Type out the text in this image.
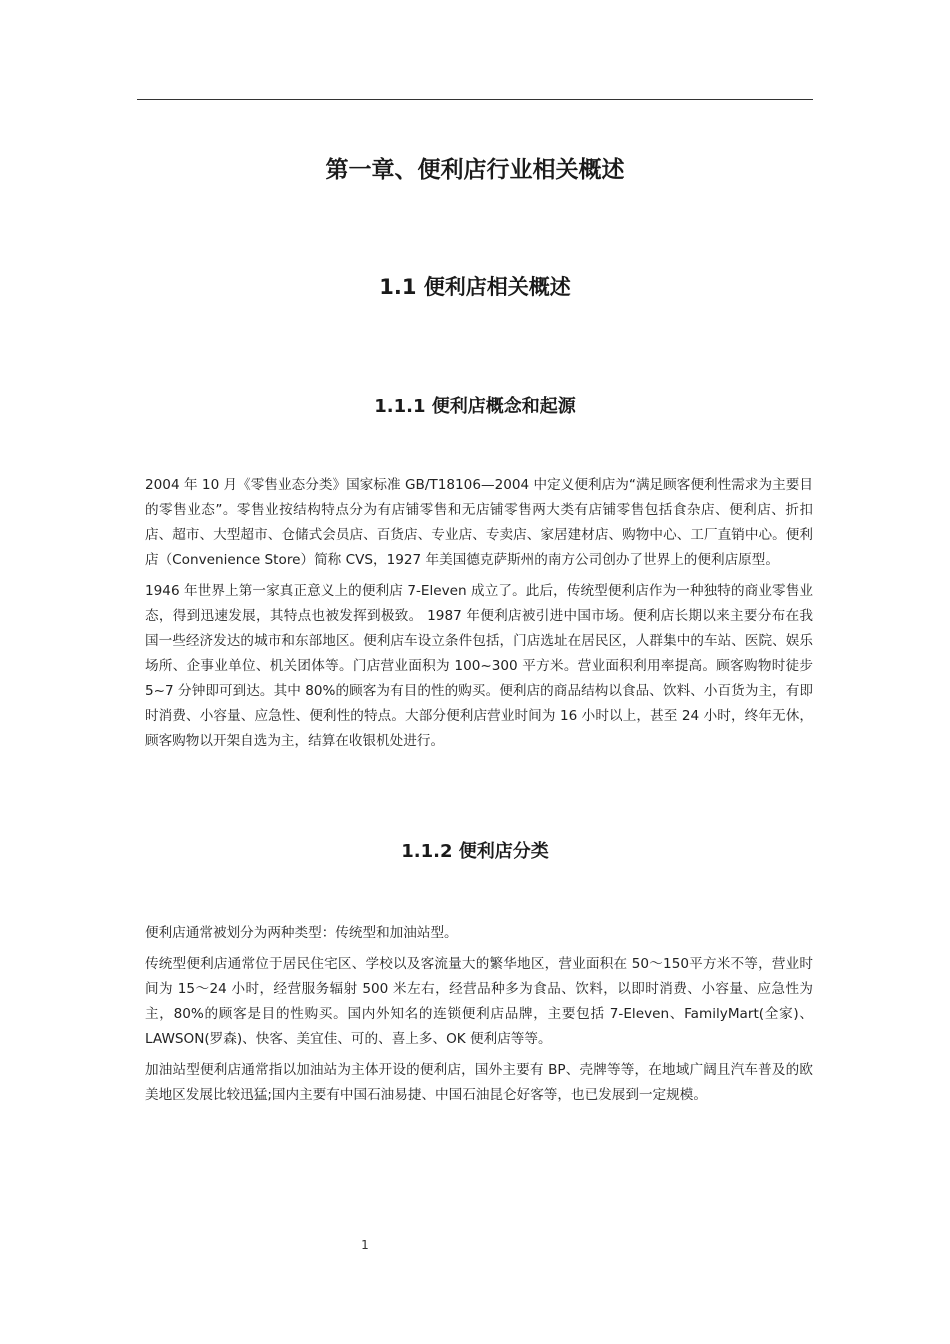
第一章、便利店行业相关概述
1.1 便利店相关概述
1.1.1 便利店概念和起源

2004 年 10 月《零售业态分类》国家标准 GB/T18106—2004 中定义便利店为“满足顾客便利性需求为主要目的零售业态”。零售业按结构特点分为有店铺零售和无店铺零售两大类有店铺零售包括食杂店、便利店、折扣店、超市、大型超市、仓储式会员店、百货店、专业店、专卖店、家居建材店、购物中心、工厂直销中心。便利店（Convenience Store）简称 CVS，1927 年美国德克萨斯州的南方公司创办了世界上的便利店原型。

1946 年世界上第一家真正意义上的便利店 7-Eleven 成立了。此后，传统型便利店作为一种独特的商业零售业态，得到迅速发展，其特点也被发挥到极致。 1987 年便利店被引进中国市场。便利店长期以来主要分布在我国一些经济发达的城市和东部地区。便利店车设立条件包括，门店选址在居民区，人群集中的车站、医院、娱乐场所、企事业单位、机关团体等。门店营业面积为 100~300 平方米。营业面积利用率提高。顾客购物时徒步 5~7 分钟即可到达。其中 80%的顾客为有目的性的购买。便利店的商品结构以食品、饮料、小百货为主，有即时消费、小容量、应急性、便利性的特点。大部分便利店营业时间为 16 小时以上，甚至 24 小时，终年无休，顾客购物以开架自选为主，结算在收银机处进行。

1.1.2 便利店分类

便利店通常被划分为两种类型：传统型和加油站型。

传统型便利店通常位于居民住宅区、学校以及客流量大的繁华地区，营业面积在 50～150平方米不等，营业时间为 15～24 小时，经营服务辐射 500 米左右，经营品种多为食品、饮料，以即时消费、小容量、应急性为主，80%的顾客是目的性购买。国内外知名的连锁便利店品牌，主要包括 7-Eleven、FamilyMart(全家)、LAWSON(罗森)、快客、美宜佳、可的、喜上多、OK 便利店等等。

加油站型便利店通常指以加油站为主体开设的便利店，国外主要有 BP、壳牌等等，在地域广阔且汽车普及的欧美地区发展比较迅猛;国内主要有中国石油易捷、中国石油昆仑好客等，也已发展到一定规模。

1
